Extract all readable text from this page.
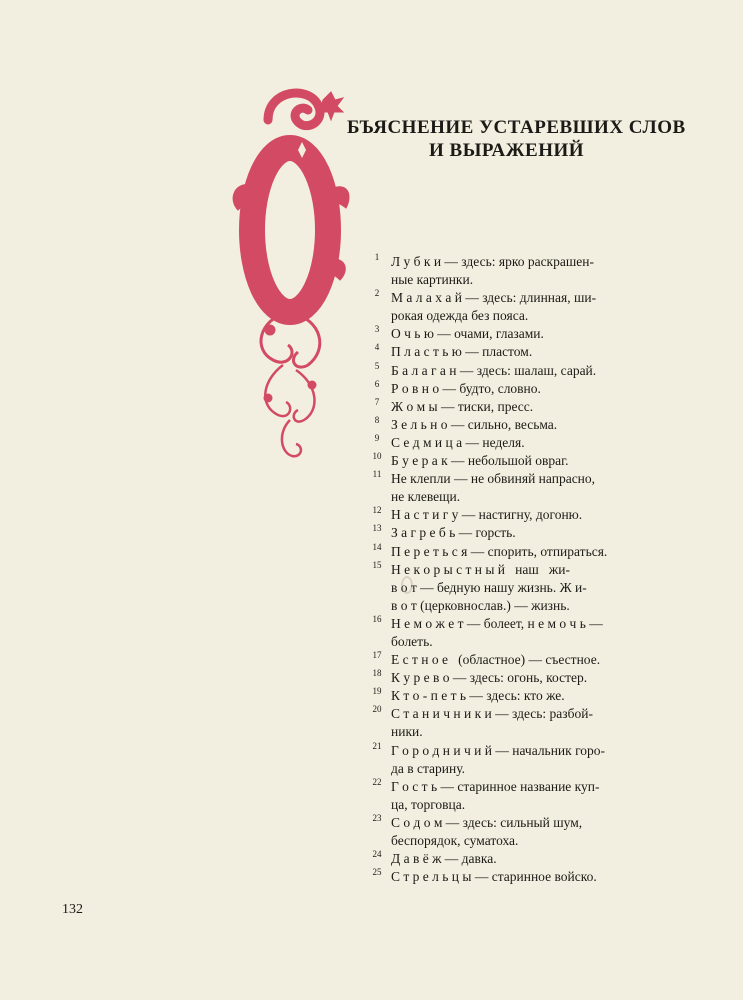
БЪЯСНЕНИЕ УСТАРЕВШИХ СЛОВ
И ВЫРАЖЕНИЙ
1 Л у б к и — здесь: ярко раскрашен-
ные картинки.
2 М а л а х а й — здесь: длинная, ши-
рокая одежда без пояса.
3 О ч ь ю — очами, глазами.
4 П л а с т ь ю — пластом.
5 Б а л а г а н — здесь: шалаш, сарай.
6 Р о в н о — будто, словно.
7 Ж о м ы — тиски, пресс.
8 З е л ь н о — сильно, весьма.
9 С е д м и ц а — неделя.
10 Б у е р а к — небольшой овраг.
11 Не клепли — не обвиняй напрасно,
не клевещи.
12 Н а с т и г у — настигну, догоню.
13 З а г р е б ь — горсть.
14 П е р е т ь с я — спорить, отпираться.
15 Н е к о р ы с т н ы й   наш   жи-
в о т — бедную нашу жизнь. Ж и-
в о т (церковнослав.) — жизнь.
16 Н е м о ж е т — болеет, н е м о ч ь —
болеть.
17 Е с т н о е   (областное) — съестное.
18 К у р е в о — здесь: огонь, костер.
19 К т о - п е т ь — здесь: кто же.
20 С т а н и ч н и к и — здесь: разбой-
ники.
21 Г о р о д н и ч и й — начальник горо-
да в старину.
22 Г о с т ь — старинное название куп-
ца, торговца.
23 С о д о м — здесь: сильный шум,
беспорядок, суматоха.
24 Д а в ё ж — давка.
25 С т р е л ь ц ы — старинное войско.
132
